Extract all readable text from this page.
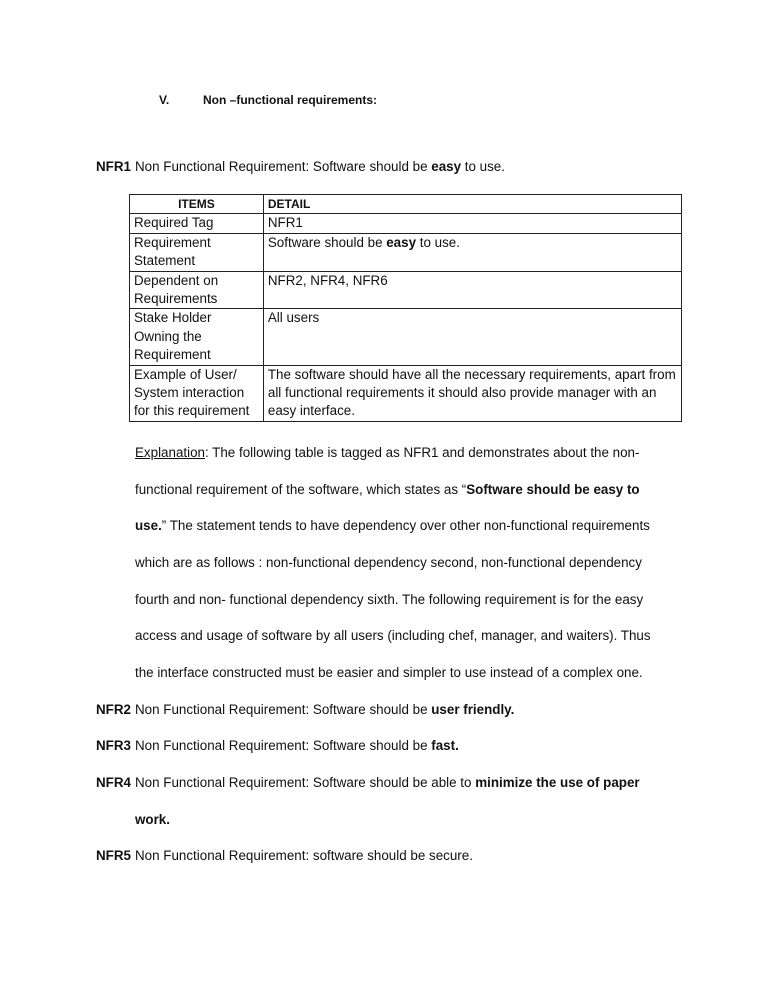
V.	Non –functional requirements:
NFR1 Non Functional Requirement: Software should be easy to use.
ITEMS	DETAIL
Required Tag	NFR1
Requirement Statement	Software should be easy to use.
Dependent on Requirements	NFR2, NFR4, NFR6
Stake Holder Owning the Requirement	All users
Example of User/ System interaction for this requirement	The software should have all the necessary requirements, apart from all functional requirements it should also provide manager with an easy interface.
Explanation: The following table is tagged as NFR1 and demonstrates about the non-
functional requirement of the software, which states as “Software should be easy to
use.” The statement tends to have dependency over other non-functional requirements
which are as follows : non-functional dependency second, non-functional dependency
fourth and non- functional dependency sixth. The following requirement is for the easy
access and usage of software by all users (including chef, manager, and waiters). Thus
the interface constructed must be easier and simpler to use instead of a complex one.
NFR2 Non Functional Requirement: Software should be user friendly.
NFR3 Non Functional Requirement: Software should be fast.
NFR4 Non Functional Requirement: Software should be able to minimize the use of paper
work.
NFR5 Non Functional Requirement: software should be secure.
